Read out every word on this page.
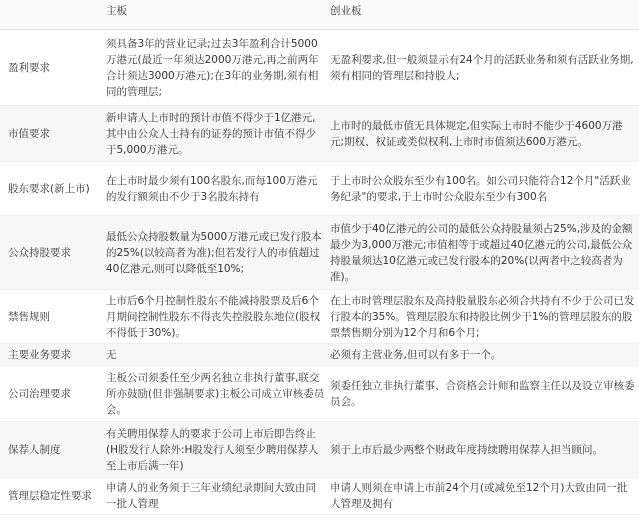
	主板	创业板
盈利要求	须具备3年的营业记录;过去3年盈利合计5000万港元(最近一年须达2000万港元,再之前两年合计须达3000万港元);在3年的业务期,须有相同的管理层;	无盈利要求,但一般须显示有24个月的活跃业务和须有活跃业务期,须有相同的管理层和持股人;
市值要求	新申请人上市时的预计市值不得少于1亿港元,其中由公众人士持有的证券的预计市值不得少于5,000万港元。	上市时的最低市值无具体规定,但实际上市时不能少于4600万港元;期权、权证或类似权利,上市时市值须达600万港元。
股东要求(新上市)	在上市时最少须有100名股东,而每100万港元的发行额须由不少于3名股东持有	于上市时公众股东至少有100名。如公司只能符合12个月"活跃业务纪录"的要求,于上市时公众股东至少有300名
公众持股要求	最低公众持股数量为5000万港元或已发行股本的25%(以较高者为准);但若发行人的市值超过40亿港元,则可以降低至10%;	市值少于40亿港元的公司的最低公众持股量须占25%,涉及的金额最少为3,000万港元;市值相等于或超过40亿港元的公司,最低公众持股量须达10亿港元或已发行股本的20%(以两者中之较高者为准)。
禁售规则	上市后6个月控制性股东不能减持股票及后6个月期间控制性股东不得丧失控股股东地位(股权不得低于30%)。	在上市时管理层股东及高持股量股东必须合共持有不少于公司已发行股本的35%。管理层股东和持股比例少于1%的管理层股东的股票禁售期分别为12个月和6个月;
主要业务要求	无	必须有主营业务,但可以有多于一个。
公司治理要求	主板公司须委任至少两名独立非执行董事,联交所亦鼓励(但非强制要求)主板公司成立审核委员会。	须委任独立非执行董事、合资格会计师和监察主任以及设立审核委员会。
保荐人制度	有关聘用保荐人的要求于公司上市后即告终止(H股发行人除外:H股发行人须至少聘用保荐人至上市后满一年)	须于上市后最少两整个财政年度持续聘用保荐人担当顾问。
管理层稳定性要求	申请人的业务须于三年业绩纪录期间大致由同一批人管理	申请人则须在申请上市前24个月(或减免至12个月)大致由同一批人管理及拥有
